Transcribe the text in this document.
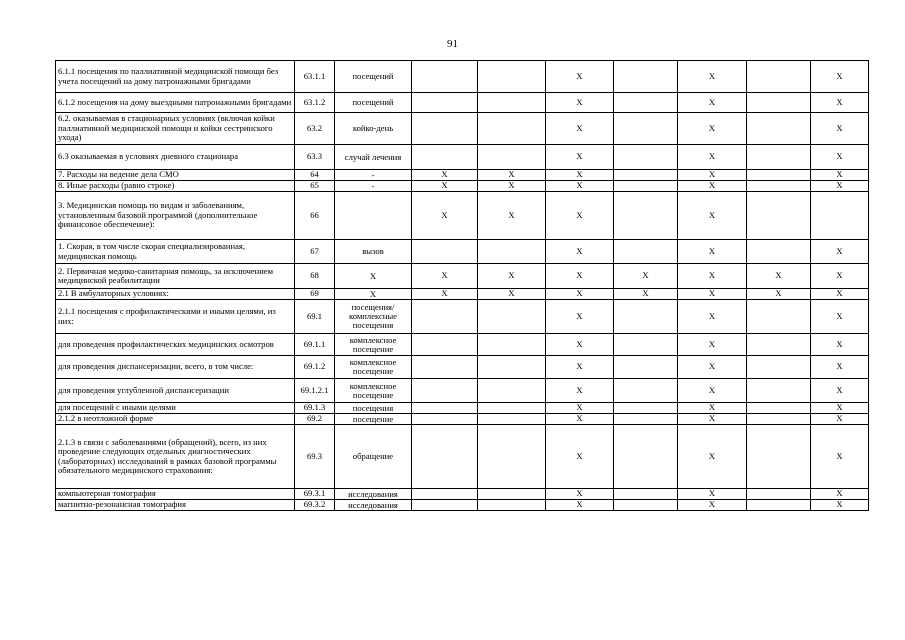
91
6.1.1 посещения по паллиативной медицинской помощи без учета посещений на дому патронажными бригадами	63.1.1	посещений			X		X		X
6.1.2 посещения на дому выездными патронажными бригадами	63.1.2	посещений			X		X		X
6.2. оказываемая в стационарных условиях (включая койки паллиативной медицинской помощи и койки сестринского ухода)	63.2	койко-день			X		X		X
6.3 оказываемая в условиях дневного стационара	63.3	случай лечения			X		X		X
7. Расходы на ведение дела СМО	64	-	X	X	X		X		X
8. Иные расходы (равно строке)	65	-	X	X	X		X		X
3. Медицинская помощь по видам и заболеваниям, установленным базовой программой (дополнительное финансовое обеспечение):	66		X	X	X		X		
1. Скорая, в том числе скорая специализированная, медицинская помощь	67	вызов			X		X		X
2. Первичная медико-санитарная помощь, за исключением медицинской реабилитации	68	X	X	X	X	X	X	X	X
2.1 В амбулаторных условиях:	69	X	X	X	X	X	X	X	X
2.1.1 посещения с профилактическими и иными целями, из них:	69.1	посещения/комплексные посещения			X		X		X
для проведения профилактических медицинских осмотров	69.1.1	комплексное посещение			X		X		X
для проведения диспансеризации, всего, в том числе:	69.1.2	комплексное посещение			X		X		X
для проведения углубленной диспансеризации	69.1.2.1	комплексное посещение			X		X		X
для посещений с иными целями	69.1.3	посещения			X		X		X
2.1.2 в неотложной форме	69.2	посещение			X		X		X
2.1.3 в связи с заболеваниями (обращений), всего, из них проведение следующих отдельных диагностических (лабораторных) исследований в рамках базовой программы обязательного медицинского страхования:	69.3	обращение			X		X		X
компьютерная томография	69.3.1	исследования			X		X		X
магнитно-резонансная томография	69.3.2	исследования			X		X		X
